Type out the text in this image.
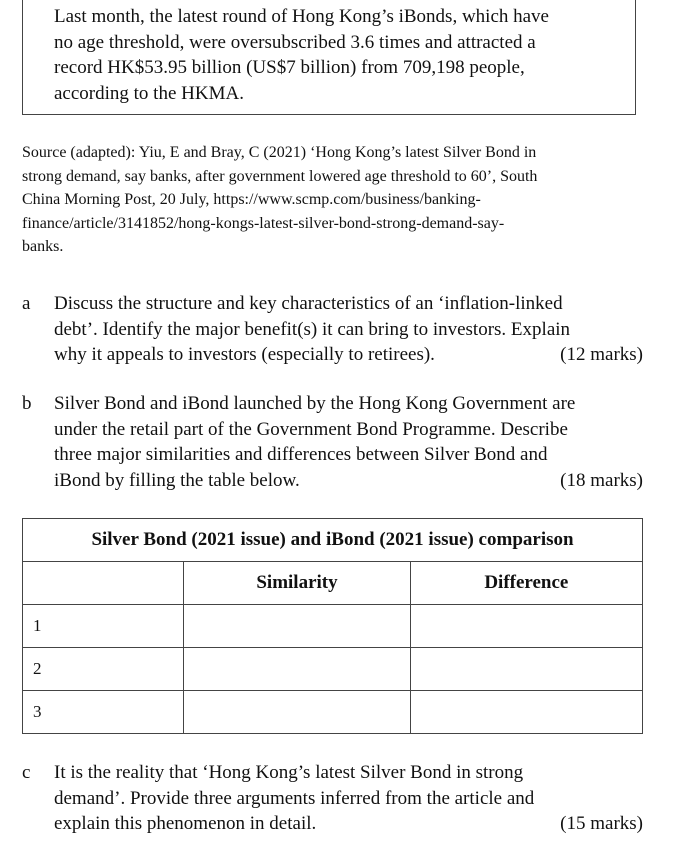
Last month, the latest round of Hong Kong’s iBonds, which have
no age threshold, were oversubscribed 3.6 times and attracted a
record HK$53.95 billion (US$7 billion) from 709,198 people,
according to the HKMA.
Source (adapted): Yiu, E and Bray, C (2021) ‘Hong Kong’s latest Silver Bond in
strong demand, say banks, after government lowered age threshold to 60’, South
China Morning Post, 20 July, https://www.scmp.com/business/banking-
finance/article/3141852/hong-kongs-latest-silver-bond-strong-demand-say-
banks.
a Discuss the structure and key characteristics of an ‘inflation-linked
debt’. Identify the major benefit(s) it can bring to investors. Explain
why it appeals to investors (especially to retirees).	(12 marks)
b Silver Bond and iBond launched by the Hong Kong Government are
under the retail part of the Government Bond Programme. Describe
three major similarities and differences between Silver Bond and
iBond by filling the table below.	(18 marks)
Silver Bond (2021 issue) and iBond (2021 issue) comparison		
	Similarity	Difference
1		
2		
3		
c It is the reality that ‘Hong Kong’s latest Silver Bond in strong
demand’. Provide three arguments inferred from the article and
explain this phenomenon in detail.	(15 marks)
